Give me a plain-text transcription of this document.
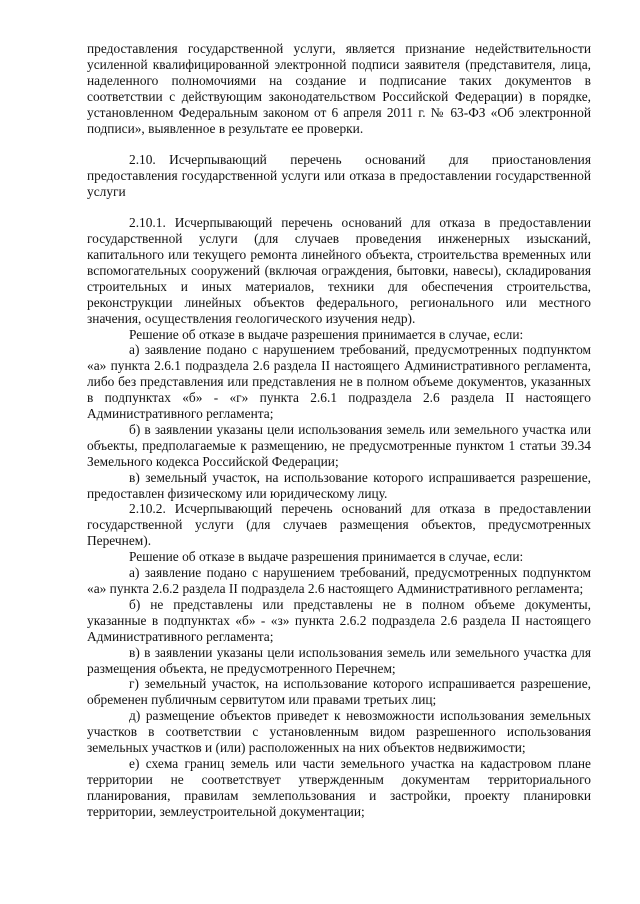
предоставления государственной услуги, является признание недействительности усиленной квалифицированной электронной подписи заявителя (представителя, лица, наделенного полномочиями на создание и подписание таких документов в соответствии с действующим законодательством Российской Федерации) в порядке, установленном Федеральным законом от 6 апреля 2011 г. № 63-ФЗ «Об электронной подписи», выявленное в результате ее проверки.

2.10. Исчерпывающий перечень оснований для приостановления предоставления государственной услуги или отказа в предоставлении государственной услуги

2.10.1. Исчерпывающий перечень оснований для отказа в предоставлении государственной услуги (для случаев проведения инженерных изысканий, капитального или текущего ремонта линейного объекта, строительства временных или вспомогательных сооружений (включая ограждения, бытовки, навесы), складирования строительных и иных материалов, техники для обеспечения строительства, реконструкции линейных объектов федерального, регионального или местного значения, осуществления геологического изучения недр).

Решение об отказе в выдаче разрешения принимается в случае, если:

а) заявление подано с нарушением требований, предусмотренных подпунктом «а» пункта 2.6.1 подраздела 2.6 раздела II настоящего Административного регламента, либо без представления или представления не в полном объеме документов, указанных в подпунктах «б» - «г» пункта 2.6.1 подраздела 2.6 раздела II настоящего Административного регламента;

б) в заявлении указаны цели использования земель или земельного участка или объекты, предполагаемые к размещению, не предусмотренные пунктом 1 статьи 39.34 Земельного кодекса Российской Федерации;

в) земельный участок, на использование которого испрашивается разрешение, предоставлен физическому или юридическому лицу.

2.10.2. Исчерпывающий перечень оснований для отказа в предоставлении государственной услуги (для случаев размещения объектов, предусмотренных Перечнем).

Решение об отказе в выдаче разрешения принимается в случае, если:

а) заявление подано с нарушением требований, предусмотренных подпунктом «а» пункта 2.6.2 раздела II подраздела 2.6 настоящего Административного регламента;

б) не представлены или представлены не в полном объеме документы, указанные в подпунктах «б» - «з» пункта 2.6.2 подраздела 2.6 раздела II настоящего Административного регламента;

в) в заявлении указаны цели использования земель или земельного участка для размещения объекта, не предусмотренного Перечнем;

г) земельный участок, на использование которого испрашивается разрешение, обременен публичным сервитутом или правами третьих лиц;

д) размещение объектов приведет к невозможности использования земельных участков в соответствии с установленным видом разрешенного использования земельных участков и (или) расположенных на них объектов недвижимости;

е) схема границ земель или части земельного участка на кадастровом плане территории не соответствует утвержденным документам территориального планирования, правилам землепользования и застройки, проекту планировки территории, землеустроительной документации;
